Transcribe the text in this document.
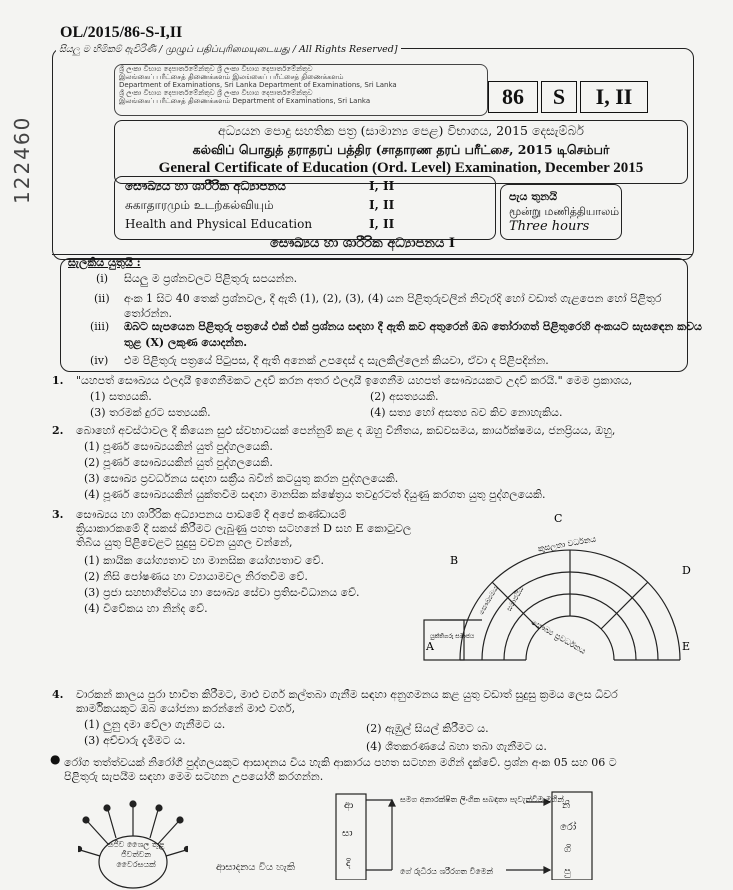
122460
OL/2015/86-S-I,II
සියලු ම හිමිකම් ඇවිරිණි / முழுப் பதிப்புரிமையுடையது / All Rights Reserved]
ශ්‍රී ලංකා විභාග දෙපාර්තමේන්තුව ශ්‍රී ලංකා විභාග දෙපාර්තමේන්තුව
இலங்கைப் பரீட்சைத் திணைக்களம் இலங்கைப் பரீட்சைத் திணைக்களம்
Department of Examinations, Sri Lanka Department of Examinations, Sri Lanka
ශ්‍රී ලංකා විභාග දෙපාර්තමේන්තුව ශ්‍රී ලංකා විභාග දෙපාර්තමේන්තුව
இலங்கைப் பரீட்சைத் திணைக்களம் Department of Examinations, Sri Lanka	86	S	I, II
අධ්‍යයන පොදු සහතික පත්‍ර (සාමාන්‍ය පෙළ) විභාගය, 2015 දෙසැම්බර්
கல்விப் பொதுத் தராதரப் பத்திர (சாதாரண தரப் பரீட்சை, 2015 டிசெம்பர்
General Certificate of Education (Ord. Level) Examination, December 2015
සෞඛ්‍යය හා ශාරීරික අධ්‍යාපනය	I, II
சுகாதாரமும் உடற்கல்வியும்	I, II
Health and Physical Education	I, II
පැය තුනයි
மூன்று மணித்தியாலம்
Three hours
සෞඛ්‍යය හා ශාරීරික අධ්‍යාපනය I
සැලකිය යුතුයි :
(i) සියලු ම ප්‍රශ්නවලට පිළිතුරු සපයන්න.
(ii) අංක 1 සිට 40 තෙක් ප්‍රශ්නවල, දී ඇති (1), (2), (3), (4) යන පිළිතුරුවලින් නිවැරදි හෝ වඩාත් ගැළපෙන හෝ පිළිතුර
තෝරන්න.
(iii) ඔබට සැපයෙන පිළිතුරු පත්‍රයේ එක් එක් ප්‍රශ්නය සඳහා දී ඇති කව අතුරෙන් ඔබ තෝරාගත් පිළිතුරෙහි අංකයට සැසඳෙන කවය
තුළ (X) ලකුණ යොදන්න.
(iv) එම පිළිතුරු පත්‍රයේ පිටුපස, දී ඇති අනෙක් උපදෙස් ද සැලකිල්ලෙන් කියවා, ඒවා ද පිළිපදින්න.
1. "යහපත් සෞඛ්‍යය ඵලදායී ඉගෙනීමකට උදව් කරන අතර ඵලදායී ඉගෙනීම යහපත් සෞඛ්‍යයකට උදව් කරයි." මෙම ප්‍රකාශය,
(1) සත්‍යයකි.	(2) අසත්‍යයකි.
(3) තරමක් දුරට සත්‍යයකි.	(4) සත්‍ය හෝ අසත්‍ය බව කිව නොහැකිය.
2. බොහෝ අවස්ථාවල දී කියෙන සුළු ස්වභාවයක් පෙන්නුම් කළ ද ඔහු විනීතය, කඩවසමය, කාර්යක්ෂමය, ජනප්‍රියය, ඔහු,
(1) පූර්ණ සෞඛ්‍යයකින් යුත් පුද්ගලයෙකි.
(2) පූර්ණ සෞඛ්‍යයකින් යුත් පුද්ගලයෙකි.
(3) සෞඛ්‍ය ප්‍රවර්ධනය සඳහා සක්‍රීය බවින් කටයුතු කරන පුද්ගලයෙකි.
(4) පූර්ණ සෞඛ්‍යයකින් යුක්තවීම සඳහා මානසික ක්ෂේත්‍රය තවදුරටත් දියුණු කරගත යුතු පුද්ගලයෙකි.
3. සෞඛ්‍යය හා ශාරීරික අධ්‍යාපනය පාඩමේ දී අපේ කණ්ඩායම්
ක්‍රියාකාරකමේ දී සකස් කිරීමට ලැබුණු පහත සටහනේ D සහ E කොටුවල
තිබිය යුතු පිළිවෙළට සුදුසු වචන යුගල වන්නේ,
(1) කායික යෝග්‍යතාව හා මානසික යෝග්‍යතාව වේ.
(2) නිසි පෝෂණය හා ව්‍යායාමවල නිරතවීම වේ.
(3) ප්‍රජා සහභාගීත්වය හා සෞඛ්‍ය සේවා ප්‍රතිසංවිධානය වේ.
(4) විවේකය හා නින්ද වේ.
C
D
E
A
B
කුසලතා වර්ධනය
සෞඛ්‍ය ප්‍රවර්ධනය
සෞඛ්‍යමය සමාජයීය
යුක්තිගරු සමාජය
4. වාරකන් කාලය පුරා භාවිත කිරීමට, මාළු වර්ග කල්තබා ගැනීම සඳහා අනුගමනය කළ යුතු වඩාත් සුදුසු ක්‍රමය ලෙස ධීවර
කාර්මිකයකුට ඔබ යෝජනා කරන්නේ මාළු වර්ග,
(1) ලුනු දමා වේලා ගැනීමට ය.	(2) ඇඹුල් සියල් කිරීමට ය.
(3) අච්චාරු දැමීමට ය.	(4) ශීතකරණයේ බහා තබා ගැනීමට ය.
● රෝග තත්ත්වයක් නිරෝගී පුද්ගලයකුට ආසාදනය විය හැකි ආකාරය පහත සටහන මගින් දැක්වේ. ප්‍රශ්න අංක 05 සහ 06 ට
පිළිතුරු සැපයීම සඳහා මෙම සටහන උපයෝගී කරගන්න.
සජීව ශෛල තුළ ජීවත්වන වෛරසයක්
ආ
සා
දි
නි
රෝ
ගි
පු
සමග අනාරක්ෂිත ලිංගික සබඳතා පැවැත්වීම මගින්
ගේ රුධිරය ශරීරගත වීමෙන්
ආසාදනය විය හැකි
